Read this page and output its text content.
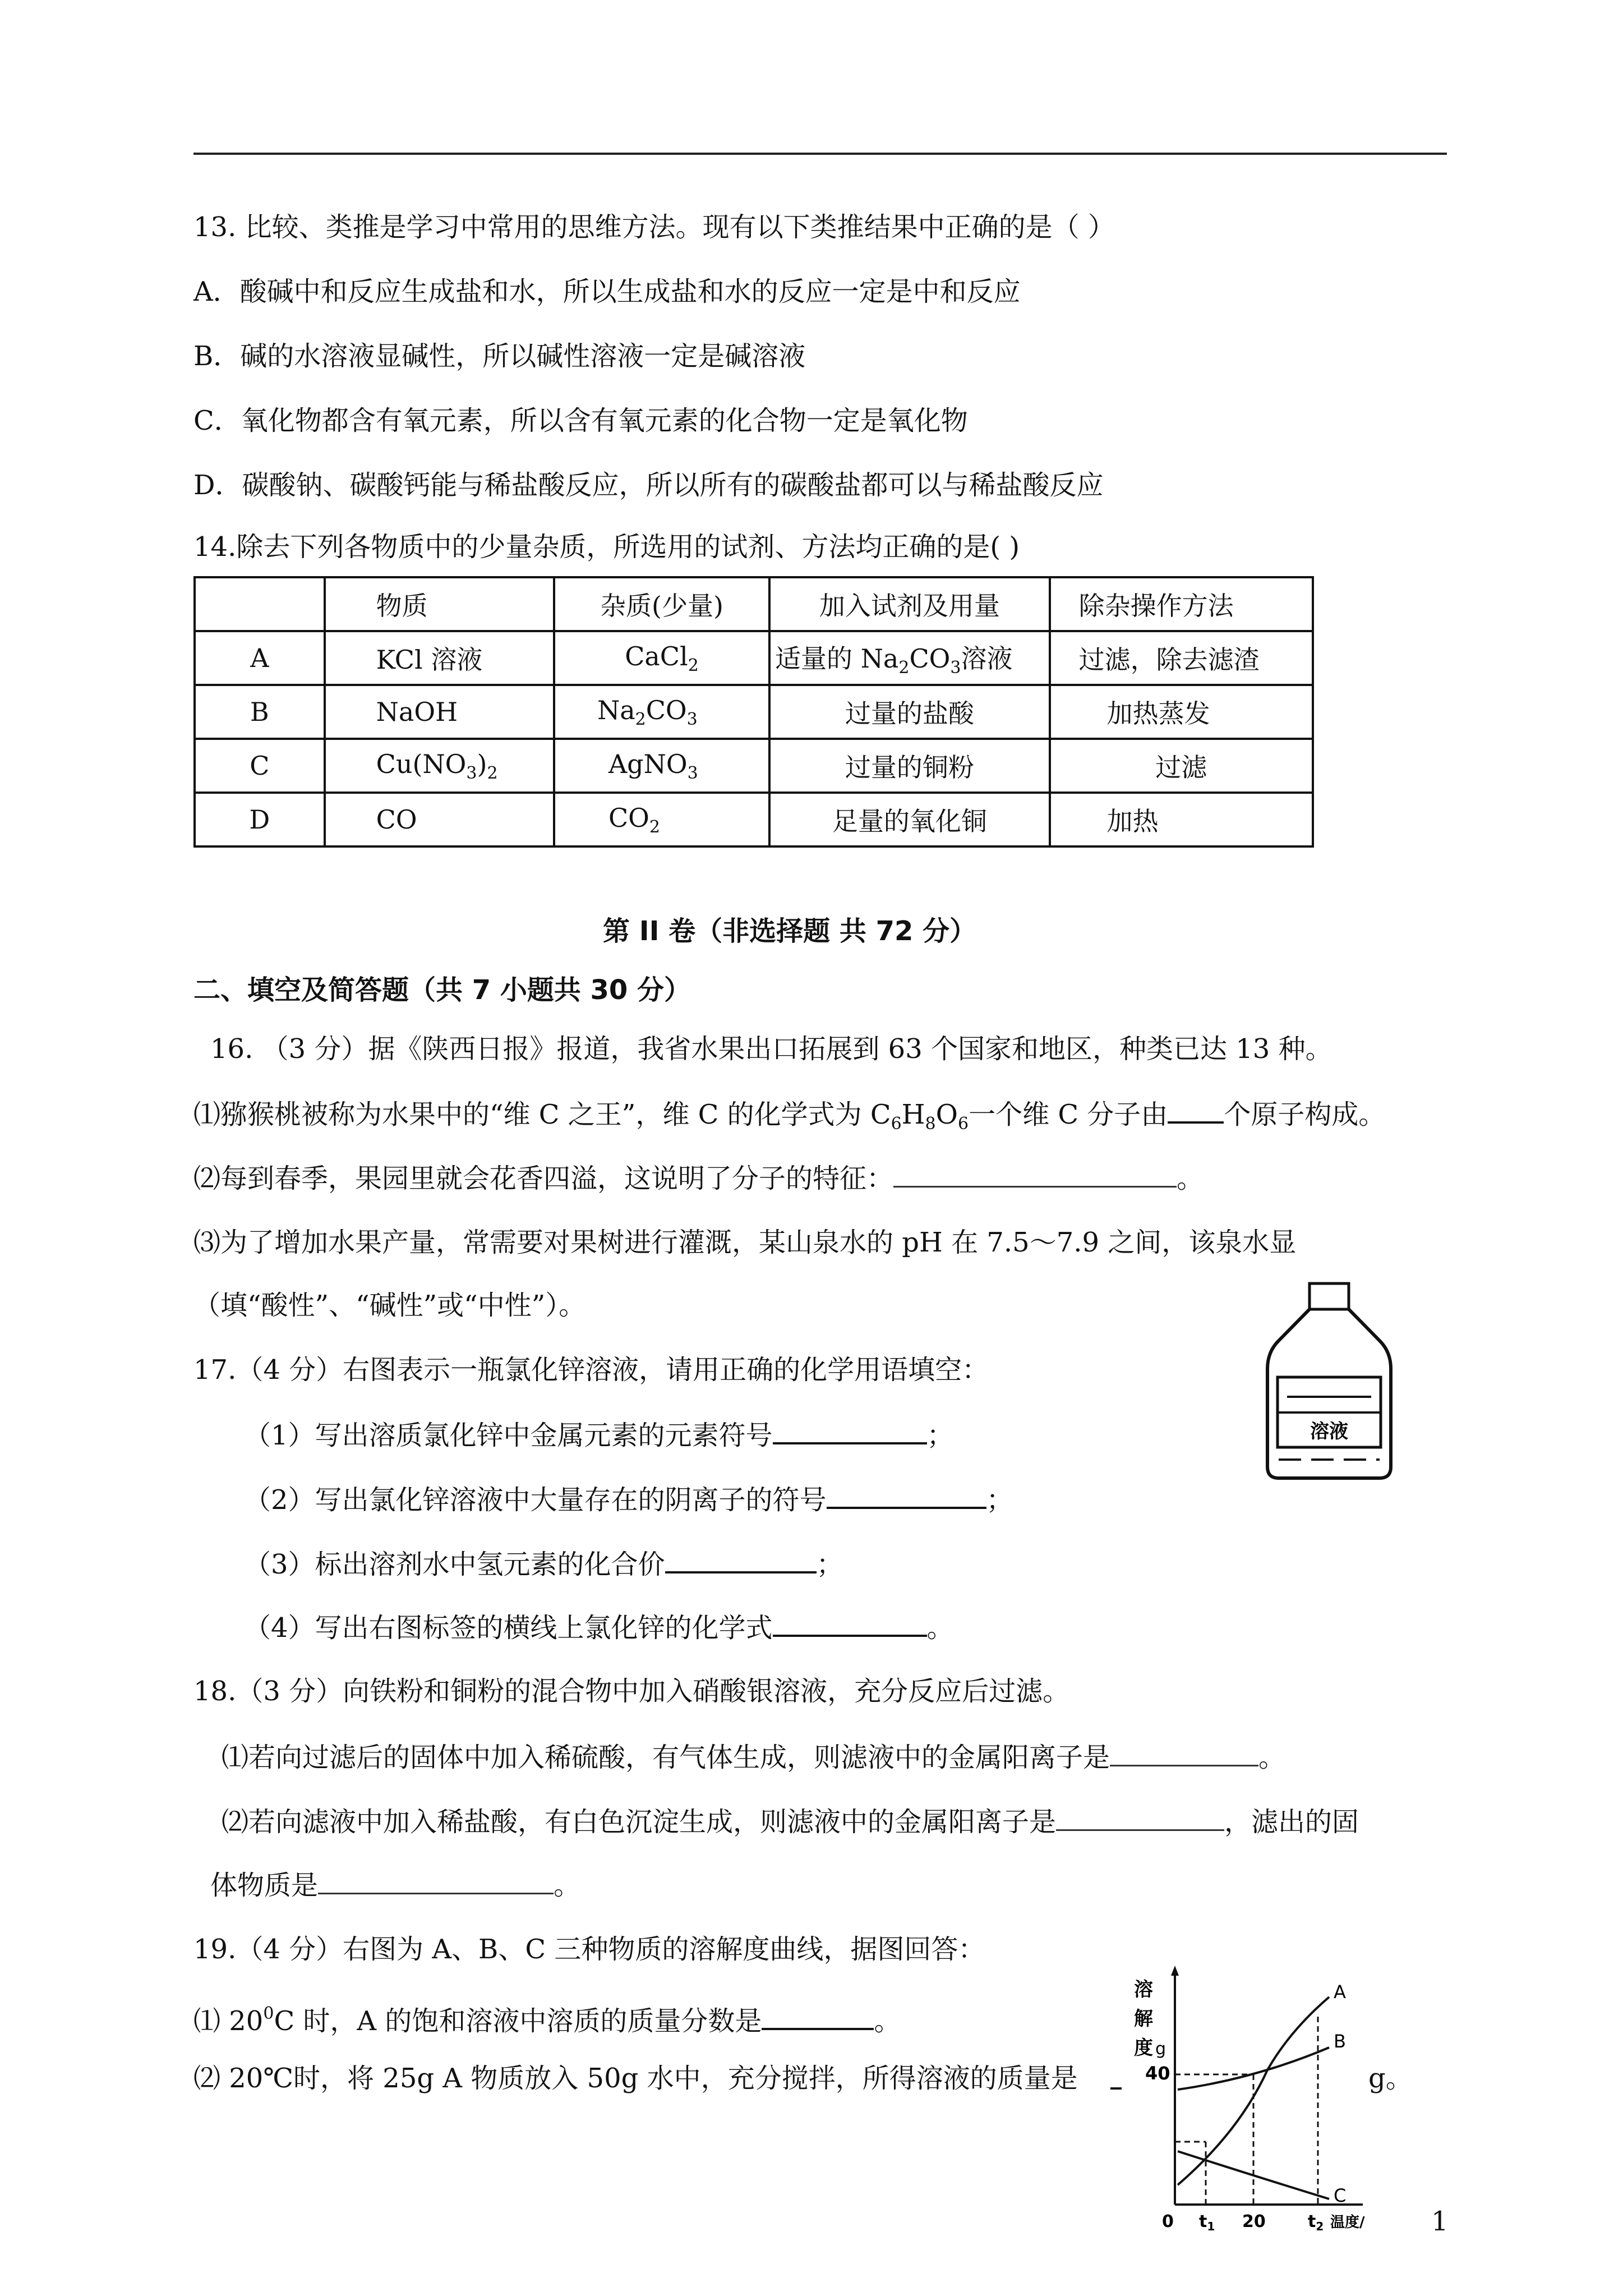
13. 比较、类推是学习中常用的思维方法。现有以下类推结果中正确的是（ ）
A．酸碱中和反应生成盐和水，所以生成盐和水的反应一定是中和反应
B．碱的水溶液显碱性，所以碱性溶液一定是碱溶液
C．氧化物都含有氧元素，所以含有氧元素的化合物一定是氧化物
D．碳酸钠、碳酸钙能与稀盐酸反应，所以所有的碳酸盐都可以与稀盐酸反应
14.除去下列各物质中的少量杂质，所选用的试剂、方法均正确的是( )
	物质	杂质(少量)	加入试剂及用量	除杂操作方法
A	KCl 溶液	CaCl$_2$	适量的 $Na_2CO_3$溶液	过滤，除去滤渣
B	NaOH	$Na_2CO_3$	过量的盐酸	加热蒸发
C	$Cu(NO_3)_2$	AgNO$_3$	过量的铜粉	过滤
D	CO	$CO_2$	足量的氧化铜	加热
第 II 卷（非选择题 共 72 分）
二、填空及简答题（共 7 小题共 30 分）
16. （3 分）据《陕西日报》报道，我省水果出口拓展到 63 个国家和地区，种类已达 13 种。
⑴猕猴桃被称为水果中的“维 C 之王”，维 C 的化学式为 $C_6H_8O_6$一个维 C 分子由 个原子构成。
⑵每到春季，果园里就会花香四溢，这说明了分子的特征：	。
⑶为了增加水果产量，常需要对果树进行灌溉，某山泉水的 pH 在 7.5～7.9 之间，该泉水显
（填“酸性”、“碱性”或“中性”）。
17.（4 分）右图表示一瓶氯化锌溶液，请用正确的化学用语填空：
（1）写出溶质氯化锌中金属元素的元素符号	；
（2）写出氯化锌溶液中大量存在的阴离子的符号	；
（3）标出溶剂水中氢元素的化合价	；
（4）写出右图标签的横线上氯化锌的化学式	。
溶液
18.（3 分）向铁粉和铜粉的混合物中加入硝酸银溶液，充分反应后过滤。
⑴若向过滤后的固体中加入稀硫酸，有气体生成，则滤液中的金属阳离子是	。
⑵若向滤液中加入稀盐酸，有白色沉淀生成，则滤液中的金属阳离子是	，滤出的固
体物质是	。
19.（4 分）右图为 A、B、C 三种物质的溶解度曲线，据图回答：
⑴ $20^0C$ 时，A 的饱和溶液中溶质的质量分数是	。
⑵ 20℃时，将 25g A 物质放入 50g 水中，充分搅拌，所得溶液的质量是	g。
溶
解
度 g
40
A
B
C
0 $t_1$ 20	$t_2$ 温度/ 1
